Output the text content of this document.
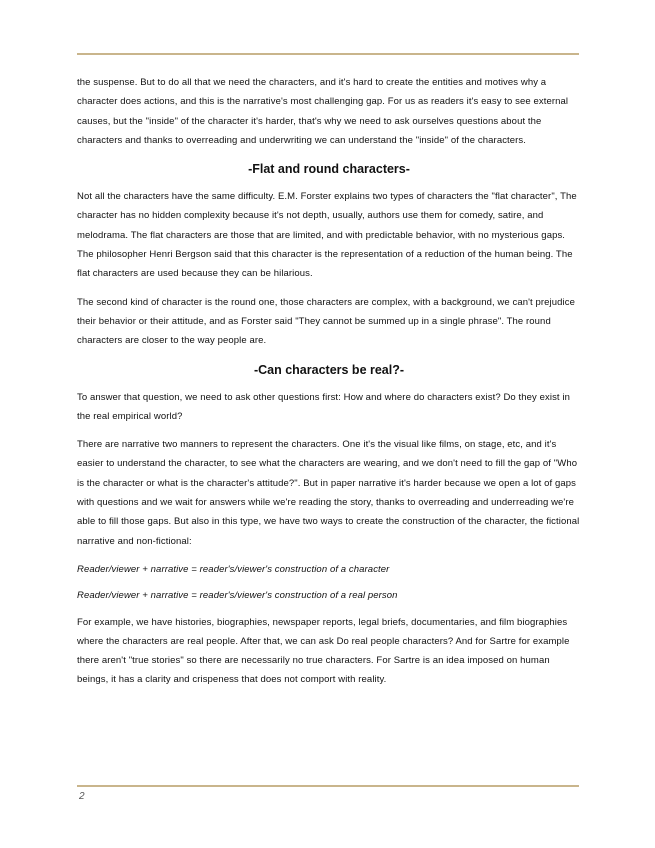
the suspense. But to do all that we need the characters, and it's hard to create the entities and motives why a character does actions, and this is the narrative's most challenging gap. For us as readers it's easy to see external causes, but the "inside" of the character it's harder, that's why we need to ask ourselves questions about the characters and thanks to overreading and underwriting we can understand the "inside" of the characters.

-Flat and round characters-

Not all the characters have the same difficulty. E.M. Forster explains two types of characters the "flat character", The character has no hidden complexity because it's not depth, usually, authors use them for comedy, satire, and melodrama. The flat characters are those that are limited, and with predictable behavior, with no mysterious gaps. The philosopher Henri Bergson said that this character is the representation of a reduction of the human being. The flat characters are used because they can be hilarious.

The second kind of character is the round one, those characters are complex, with a background, we can't prejudice their behavior or their attitude, and as Forster said "They cannot be summed up in a single phrase". The round characters are closer to the way people are.

-Can characters be real?-

To answer that question, we need to ask other questions first: How and where do characters exist? Do they exist in the real empirical world?

There are narrative two manners to represent the characters. One it's the visual like films, on stage, etc, and it's easier to understand the character, to see what the characters are wearing, and we don't need to fill the gap of "Who is the character or what is the character's attitude?". But in paper narrative it's harder because we open a lot of gaps with questions and we wait for answers while we're reading the story, thanks to overreading and underreading we're able to fill those gaps. But also in this type, we have two ways to create the construction of the character, the fictional narrative and non-fictional:

Reader/viewer + narrative = reader's/viewer's construction of a character

Reader/viewer + narrative = reader's/viewer's construction of a real person

For example, we have histories, biographies, newspaper reports, legal briefs, documentaries, and film biographies where the characters are real people. After that, we can ask Do real people characters? And for Sartre for example there aren't "true stories" so there are necessarily no true characters. For Sartre is an idea imposed on human beings, it has a clarity and crispeness that does not comport with reality.

2
